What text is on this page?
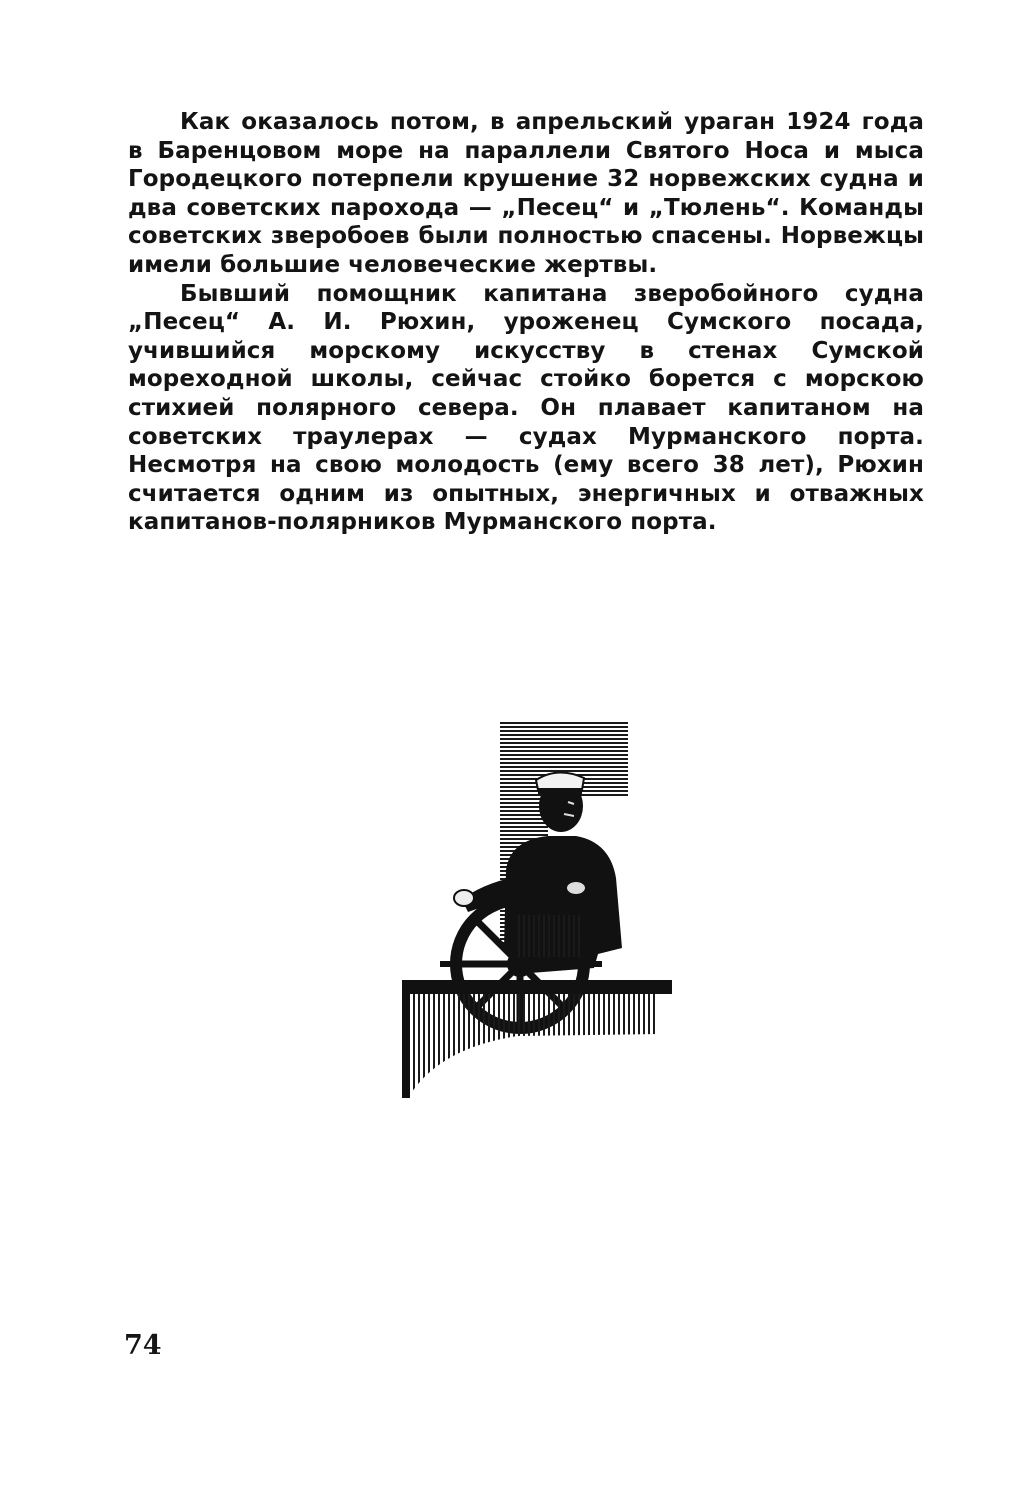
Как оказалось потом, в апрельский ураган 1924 года в Баренцовом море на параллели Святого Носа и мыса Городецкого потерпели крушение 32 норвежских судна и два советских парохода — „Песец“ и „Тюлень“. Команды советских зверобоев были полностью спасены. Норвежцы имели большие человеческие жертвы.

Бывший помощник капитана зверобойного судна „Песец“ А. И. Рюхин, уроженец Сумского посада, учившийся морскому искусству в стенах Сумской мореходной школы, сейчас стойко борется с морскою стихией полярного севера. Он плавает капитаном на советских траулерах — судах Мурманского порта. Несмотря на свою молодость (ему всего 38 лет), Рюхин считается одним из опытных, энергичных и отважных капитанов-полярников Мурманского порта.

74
